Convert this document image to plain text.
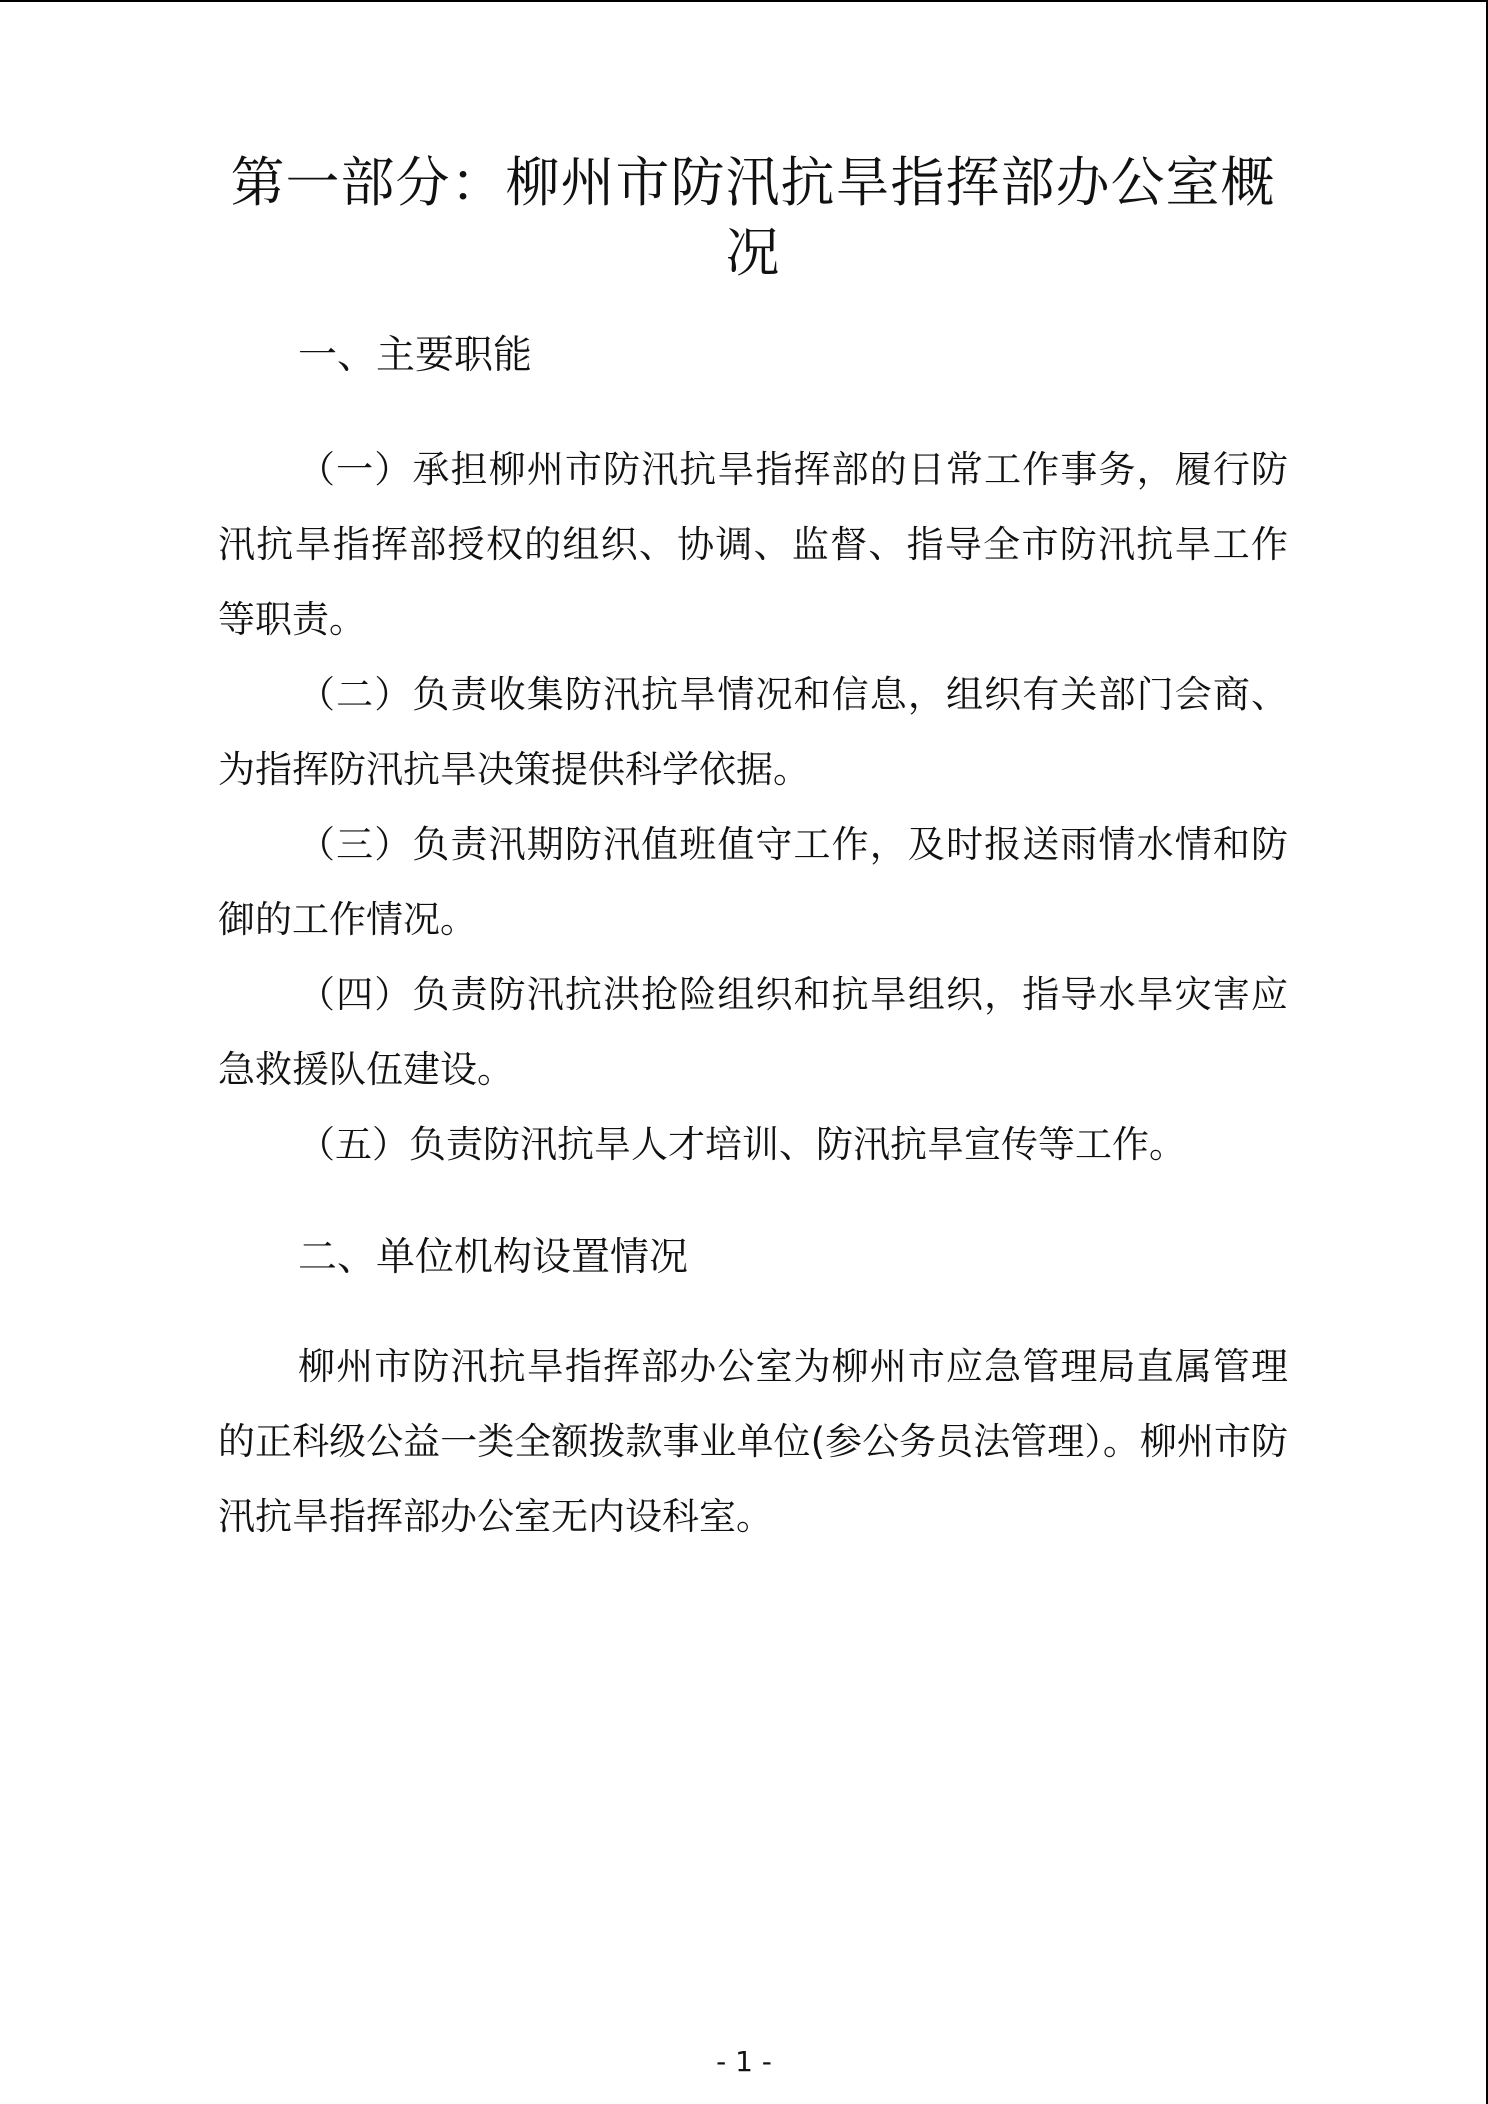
第一部分：柳州市防汛抗旱指挥部办公室概况
一、主要职能

（一）承担柳州市防汛抗旱指挥部的日常工作事务，履行防汛抗旱指挥部授权的组织、协调、监督、指导全市防汛抗旱工作等职责。

（二）负责收集防汛抗旱情况和信息，组织有关部门会商、为指挥防汛抗旱决策提供科学依据。

（三）负责汛期防汛值班值守工作，及时报送雨情水情和防御的工作情况。

（四）负责防汛抗洪抢险组织和抗旱组织，指导水旱灾害应急救援队伍建设。

（五）负责防汛抗旱人才培训、防汛抗旱宣传等工作。

二、单位机构设置情况

柳州市防汛抗旱指挥部办公室为柳州市应急管理局直属管理的正科级公益一类全额拨款事业单位(参公务员法管理）。柳州市防汛抗旱指挥部办公室无内设科室。

- 1 -
